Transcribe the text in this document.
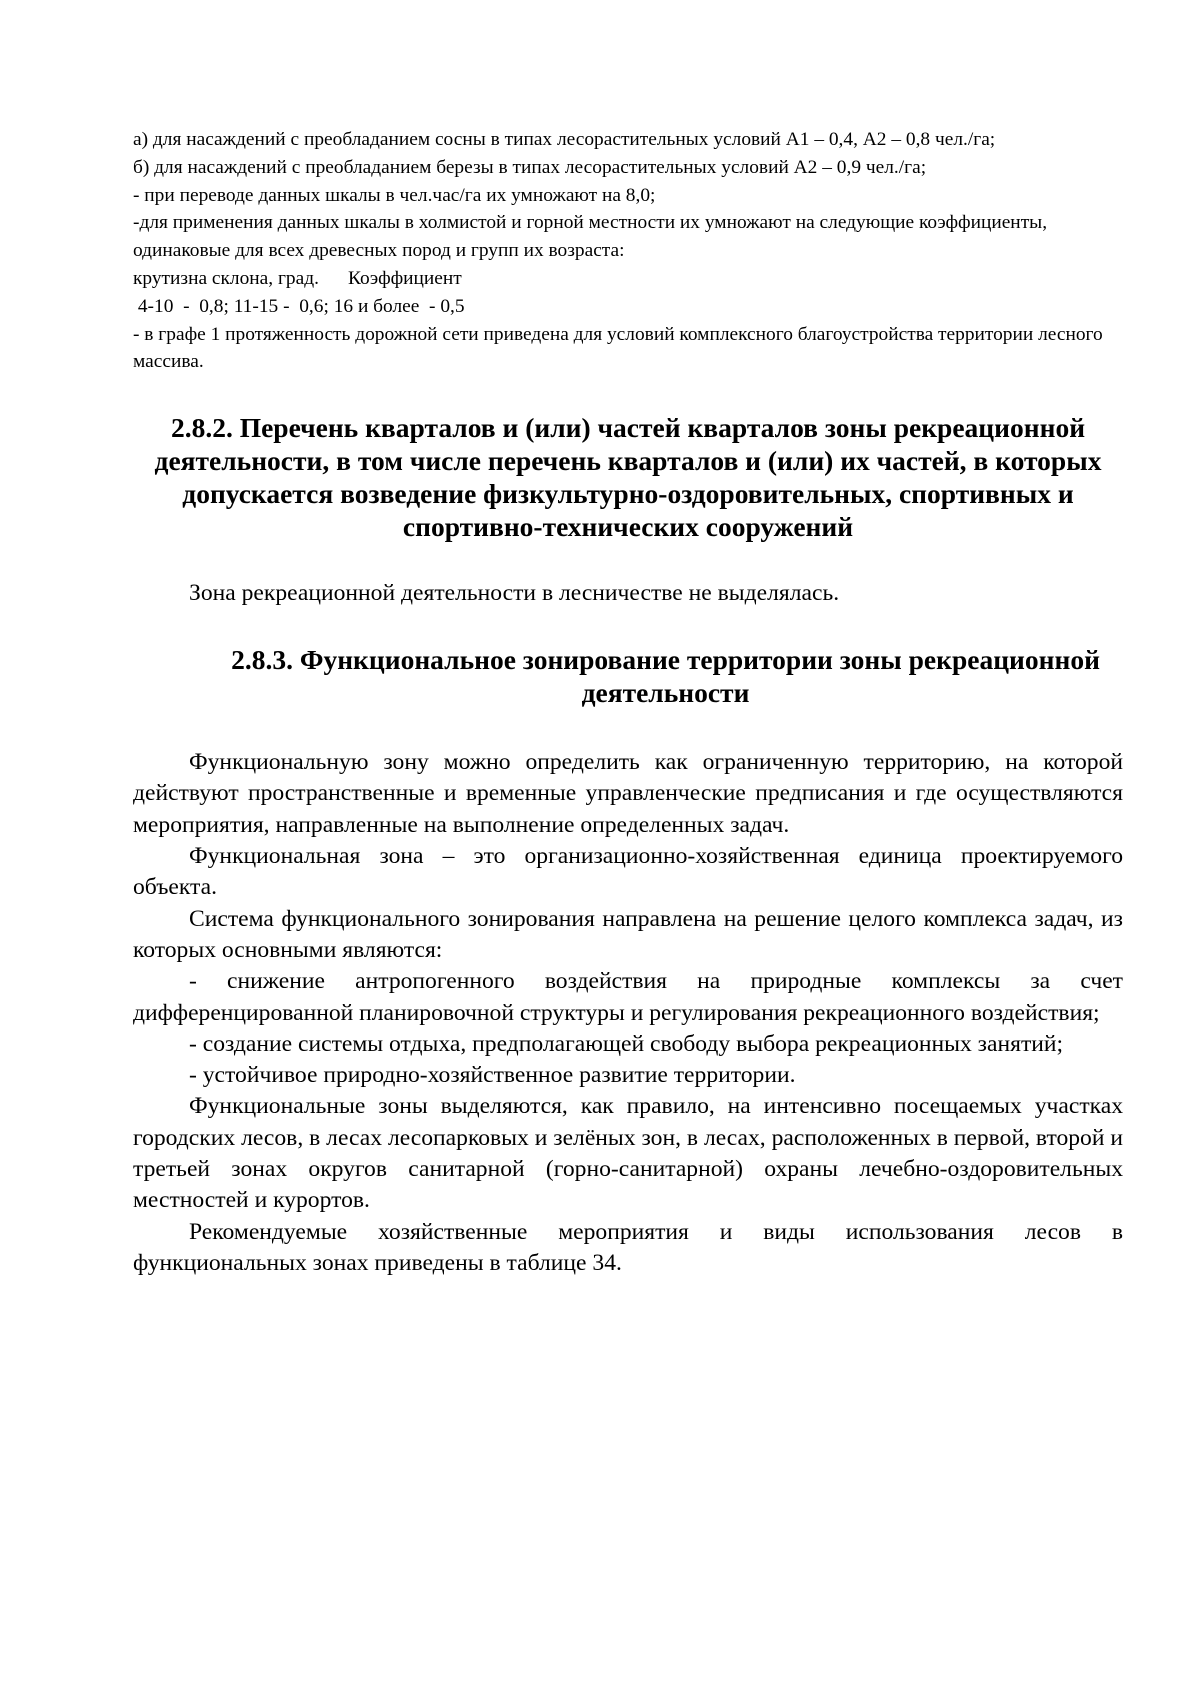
а) для насаждений с преобладанием сосны в типах лесорастительных условий А1 – 0,4, А2 – 0,8 чел./га;
б) для насаждений с преобладанием березы в типах лесорастительных условий А2 – 0,9 чел./га;
- при переводе данных шкалы в чел.час/га их умножают на 8,0;
-для применения данных шкалы в холмистой и горной местности их умножают на следующие коэффициенты, одинаковые для всех древесных пород и групп их возраста:
крутизна склона, град.      Коэффициент
4-10  -  0,8; 11-15 -  0,6; 16 и более  - 0,5
- в графе 1 протяженность дорожной сети приведена для условий комплексного благоустройства территории лесного массива.
2.8.2. Перечень кварталов и (или) частей кварталов зоны рекреационной деятельности, в том числе перечень кварталов и (или) их частей, в которых допускается возведение физкультурно-оздоровительных, спортивных и спортивно-технических сооружений
Зона рекреационной деятельности в лесничестве не выделялась.
2.8.3. Функциональное зонирование территории зоны рекреационной деятельности

Функциональную зону можно определить как ограниченную территорию, на которой действуют пространственные и временные управленческие предписания и где осуществляются мероприятия, направленные на выполнение определенных задач.

Функциональная зона – это организационно-хозяйственная единица проектируемого объекта.

Система функционального зонирования направлена на решение целого комплекса задач, из которых основными являются:

- снижение антропогенного воздействия на природные комплексы за счет дифференцированной планировочной структуры и регулирования рекреационного воздействия;

- создание системы отдыха, предполагающей свободу выбора рекреационных занятий;

- устойчивое природно-хозяйственное развитие территории.

Функциональные зоны выделяются, как правило, на интенсивно посещаемых участках городских лесов, в лесах лесопарковых и зелёных зон, в лесах, расположенных в первой, второй и третьей зонах округов санитарной (горно-санитарной) охраны лечебно-оздоровительных местностей и курортов.

Рекомендуемые хозяйственные мероприятия и виды использования лесов в функциональных зонах приведены в таблице 34.
